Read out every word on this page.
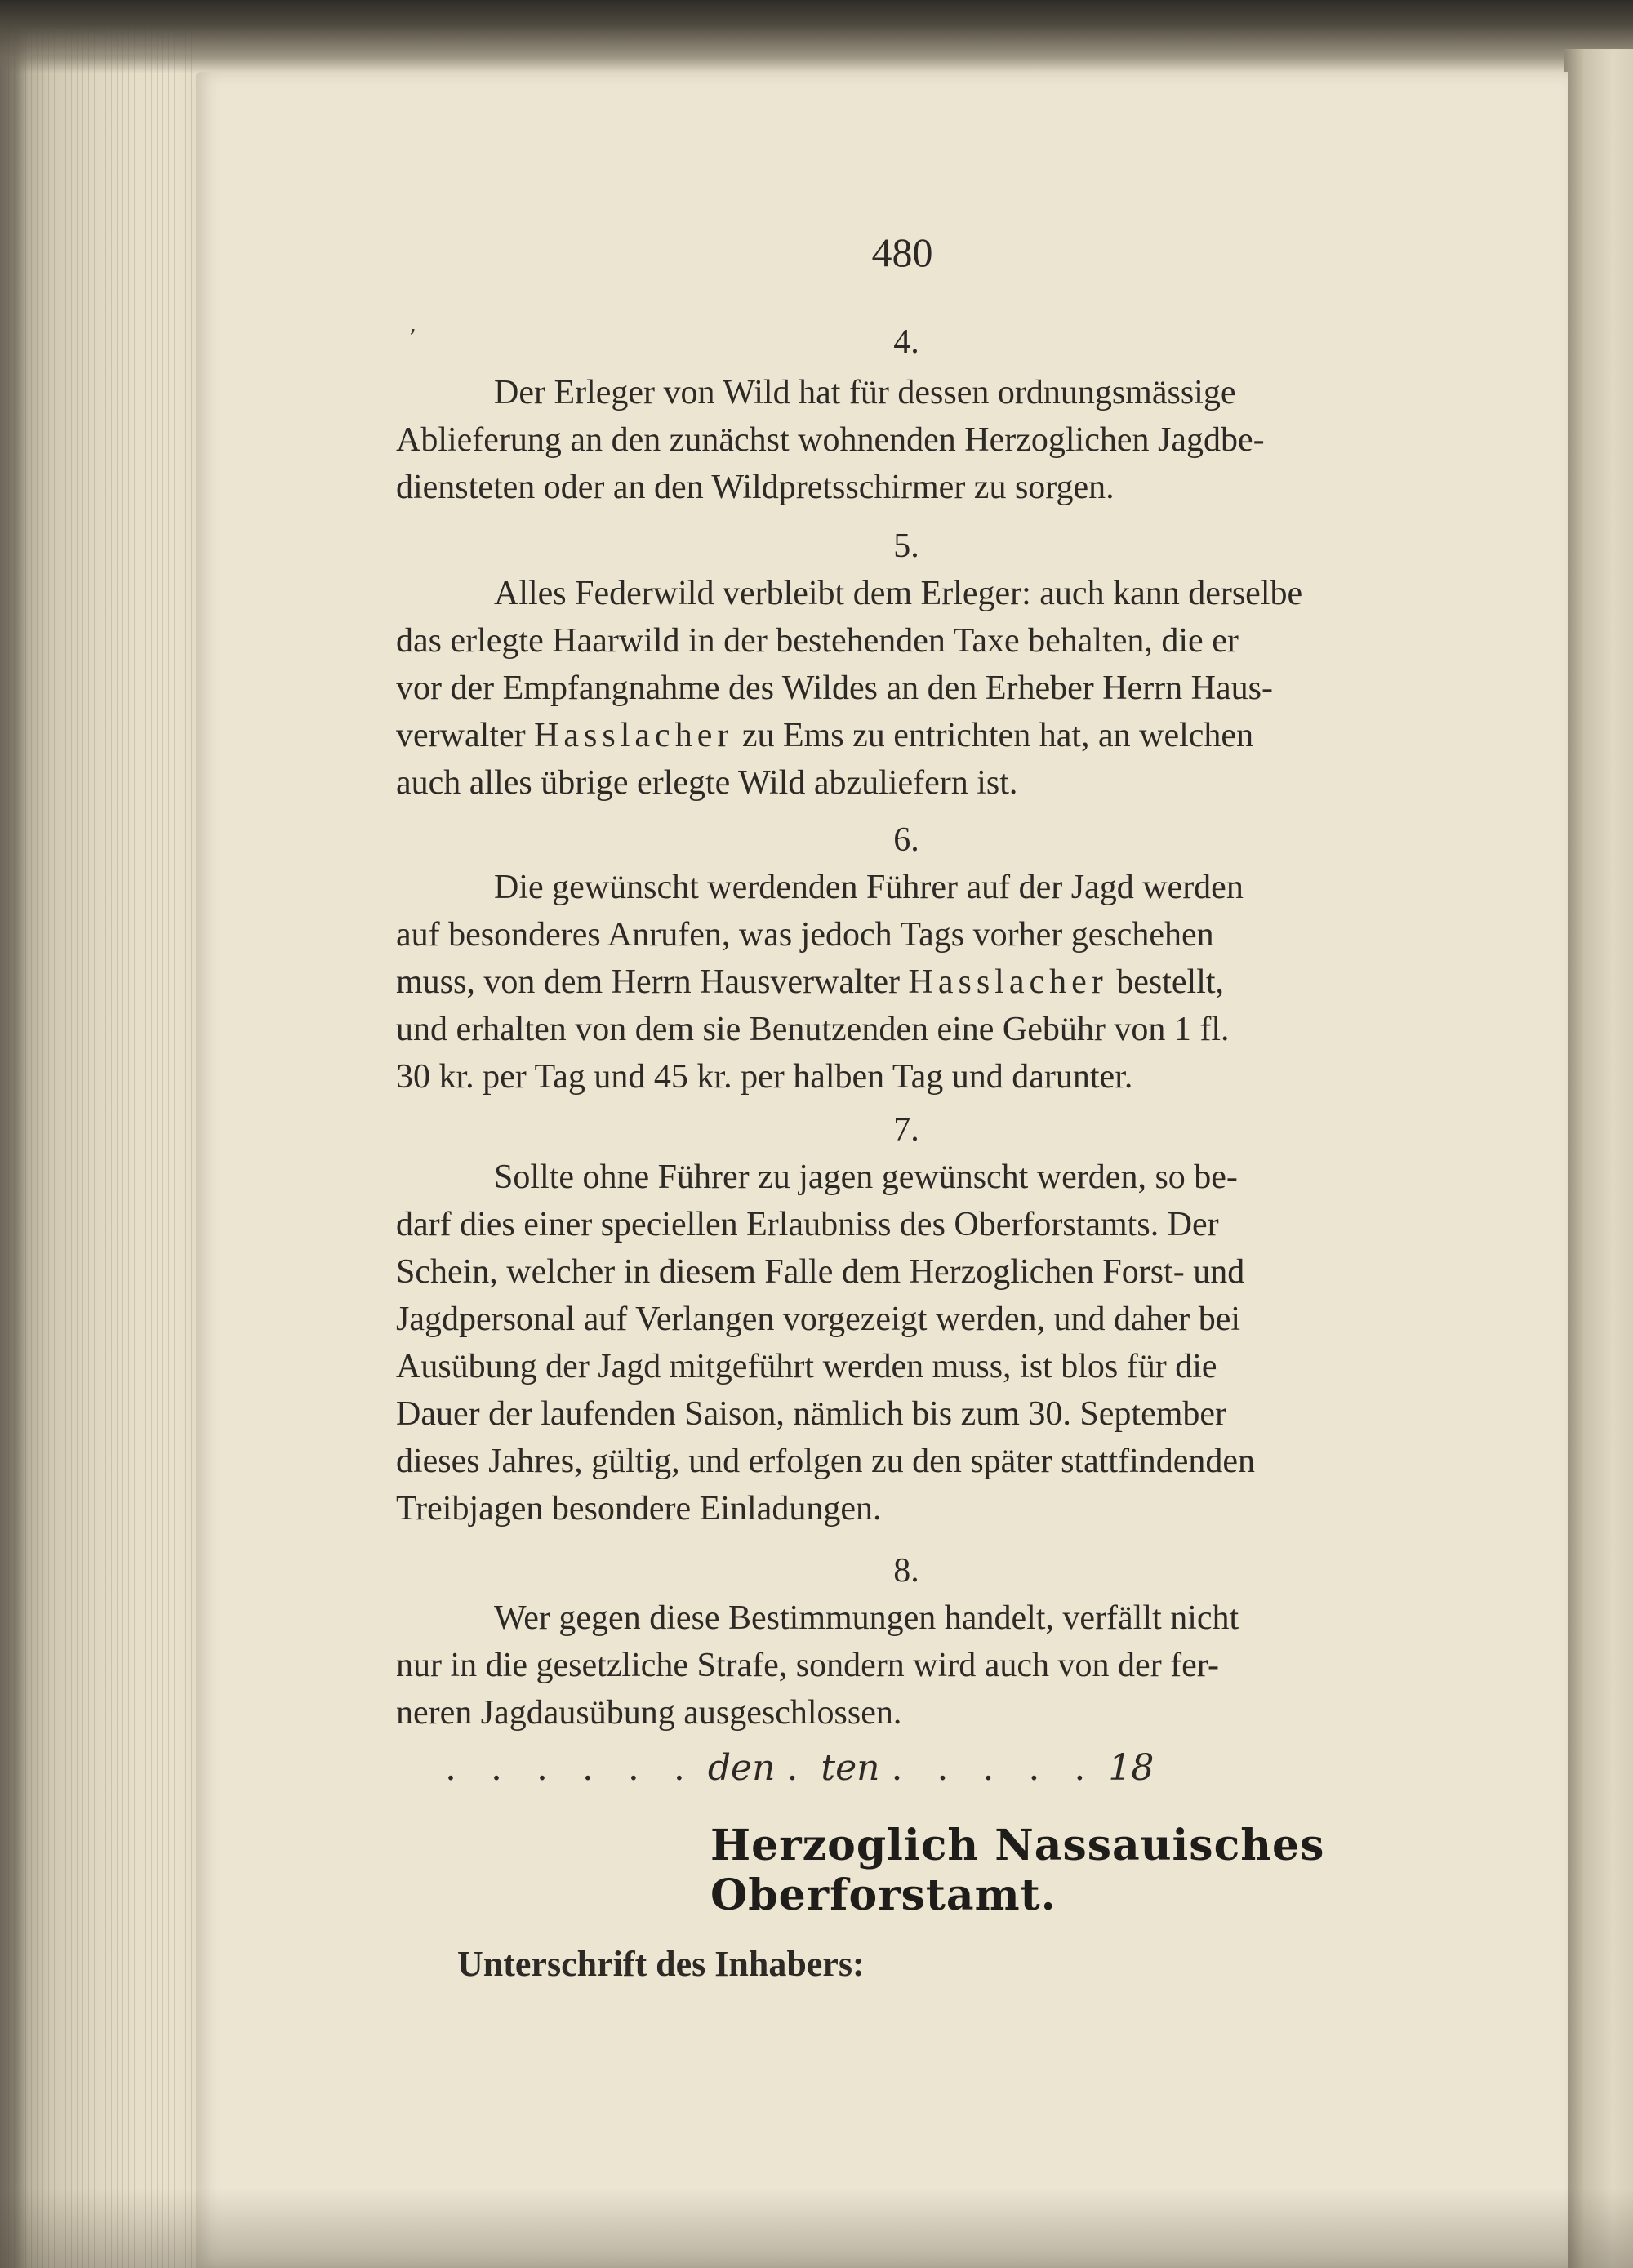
480
ʼ	4.
Der Erleger von Wild hat für dessen ordnungsmässige
Ablieferung an den zunächst wohnenden Herzoglichen Jagdbe-
diensteten oder an den Wildpretsschirmer zu sorgen.
5.
Alles Federwild verbleibt dem Erleger: auch kann derselbe
das erlegte Haarwild in der bestehenden Taxe behalten, die er
vor der Empfangnahme des Wildes an den Erheber Herrn Haus-
verwalter Hasslacher zu Ems zu entrichten hat, an welchen
auch alles übrige erlegte Wild abzuliefern ist.
6.
Die gewünscht werdenden Führer auf der Jagd werden
auf besonderes Anrufen, was jedoch Tags vorher geschehen
muss, von dem Herrn Hausverwalter Hasslacher bestellt,
und erhalten von dem sie Benutzenden eine Gebühr von 1 fl.
30 kr. per Tag und 45 kr. per halben Tag und darunter.
7.
Sollte ohne Führer zu jagen gewünscht werden, so be-
darf dies einer speciellen Erlaubniss des Oberforstamts. Der
Schein, welcher in diesem Falle dem Herzoglichen Forst- und
Jagdpersonal auf Verlangen vorgezeigt werden, und daher bei
Ausübung der Jagd mitgeführt werden muss, ist blos für die
Dauer der laufenden Saison, nämlich bis zum 30. September
dieses Jahres, gültig, und erfolgen zu den später stattfindenden
Treibjagen besondere Einladungen.
8.
Wer gegen diese Bestimmungen handelt, verfällt nicht
nur in die gesetzliche Strafe, sondern wird auch von der fer-
neren Jagdausübung ausgeschlossen.
. . . . . . den . ten . . . . . 18
Herzoglich Nassauisches Oberforstamt.
Unterschrift des Inhabers:
